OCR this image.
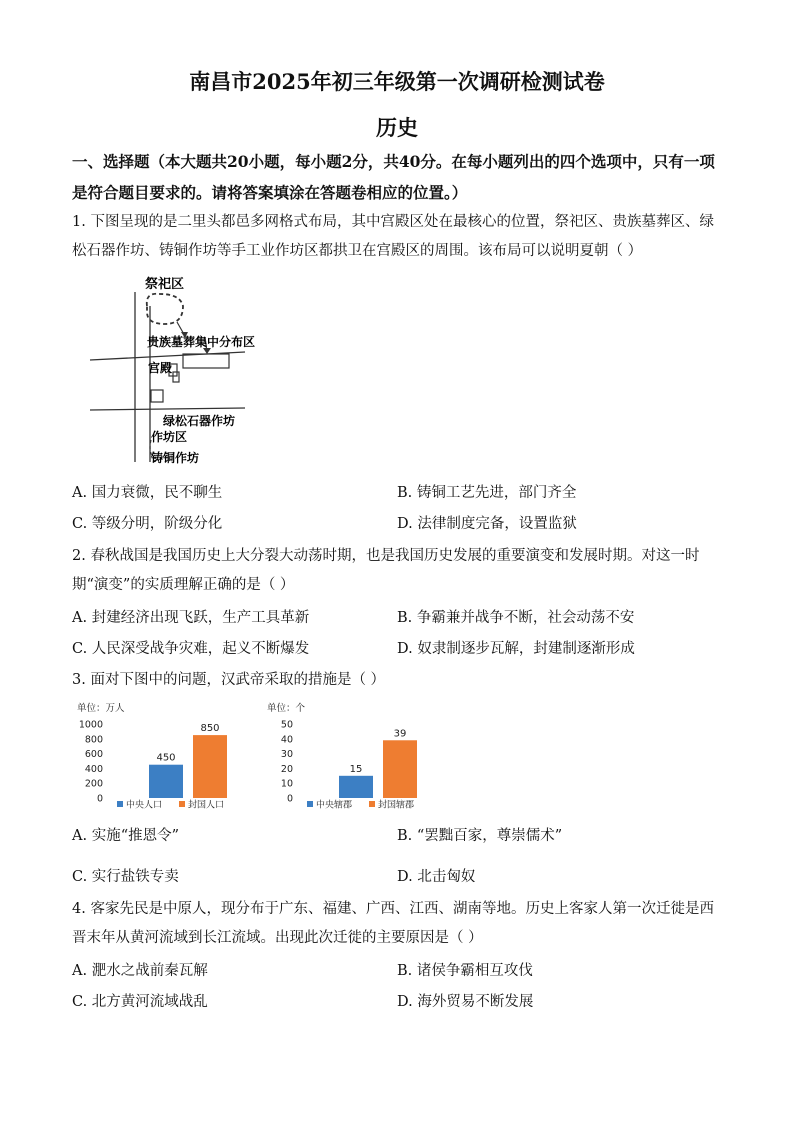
南昌市2025年初三年级第一次调研检测试卷
历史
一、选择题（本大题共20小题，每小题2分，共40分。在每小题列出的四个选项中，只有一项是符合题目要求的。请将答案填涂在答题卷相应的位置。）
1. 下图呈现的是二里头都邑多网格式布局，其中宫殿区处在最核心的位置，祭祀区、贵族墓葬区、绿松石器作坊、铸铜作坊等手工业作坊区都拱卫在宫殿区的周围。该布局可以说明夏朝（ ）
祭祀区
贵族墓葬集中分布区
宫殿
绿松石器作坊
作坊区
铸铜作坊
A. 国力衰微，民不聊生	B. 铸铜工艺先进，部门齐全
C. 等级分明，阶级分化	D. 法律制度完备，设置监狱
2. 春秋战国是我国历史上大分裂大动荡时期，也是我国历史发展的重要演变和发展时期。对这一时期“演变”的实质理解正确的是（ ）
A. 封建经济出现飞跃，生产工具革新	B. 争霸兼并战争不断，社会动荡不安
C. 人民深受战争灾难，起义不断爆发	D. 奴隶制逐步瓦解，封建制逐渐形成
3. 面对下图中的问题，汉武帝采取的措施是（ ）
单位：万人
0
200
400
600
800
1000
450
850
中央人口	封国人口
单位：个
0
10
20
30
40
50
15
39
中央辖郡	封国辖郡
A. 实施“推恩令”	B. “罢黜百家，尊崇儒术”
C. 实行盐铁专卖	D. 北击匈奴
4. 客家先民是中原人，现分布于广东、福建、广西、江西、湖南等地。历史上客家人第一次迁徙是西晋末年从黄河流域到长江流域。出现此次迁徙的主要原因是（ ）
A. 淝水之战前秦瓦解	B. 诸侯争霸相互攻伐
C. 北方黄河流域战乱	D. 海外贸易不断发展
